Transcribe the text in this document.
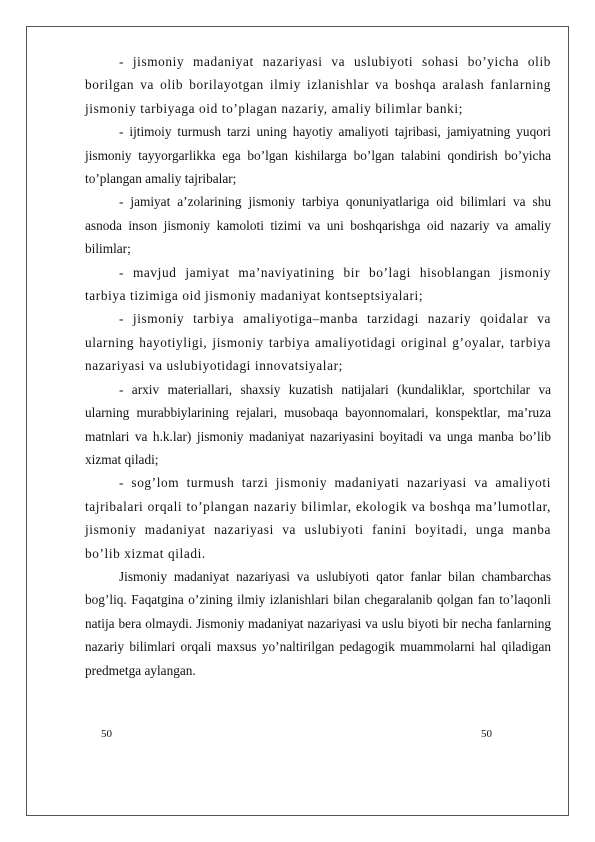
- jismoniy madaniyat nazariyasi va uslubiyoti sohasi bo’yicha olib borilgan va olib borilayotgan ilmiy izlanishlar va boshqa aralash fanlarning jismoniy tarbiyaga oid to’plagan nazariy, amaliy bilimlar banki;

- ijtimoiy turmush tarzi uning hayotiy amaliyoti tajribasi, jamiyatning yuqori jismoniy tayyorgarlikka ega bo’lgan kishilarga bo’lgan talabini qondirish bo’yicha to’plangan amaliy tajribalar;

- jamiyat a’zolarining jismoniy tarbiya qonuniyatlariga oid bilimlari va shu asnoda inson jismoniy kamoloti tizimi va uni boshqarishga oid nazariy va amaliy bilimlar;

- mavjud jamiyat ma’naviyatining bir bo’lagi hisoblangan jismoniy tarbiya tizimiga oid jismoniy madaniyat kontseptsiyalari;

- jismoniy tarbiya amaliyotiga–manba tarzidagi nazariy qoidalar va ularning hayotiyligi, jismoniy tarbiya amaliyotidagi original g’oyalar, tarbiya nazariyasi va uslubiyotidagi innovatsiyalar;

- arxiv materiallari, shaxsiy kuzatish natijalari (kundaliklar, sportchilar va ularning murabbiylarining rejalari, musobaqa bayonnomalari, konspektlar, ma’ruza matnlari va h.k.lar) jismoniy madaniyat nazariyasini boyitadi va unga manba bo’lib xizmat qiladi;

- sog’lom turmush tarzi jismoniy madaniyati nazariyasi va amaliyoti tajribalari orqali to’plangan nazariy bilimlar, ekologik va boshqa ma’lumotlar, jismoniy madaniyat nazariyasi va uslubiyoti fanini boyitadi, unga manba bo’lib xizmat qiladi.

Jismoniy madaniyat nazariyasi va uslubiyoti qator fanlar bilan chambarchas bog’liq. Faqatgina o’zining ilmiy izlanishlari bilan chegaralanib qolgan fan to’laqonli natija bera olmaydi. Jismoniy madaniyat nazariyasi va uslu biyoti bir necha fanlarning nazariy bilimlari orqali maxsus yo’naltirilgan pedagogik muammolarni hal qiladigan predmetga aylangan.

50	50
